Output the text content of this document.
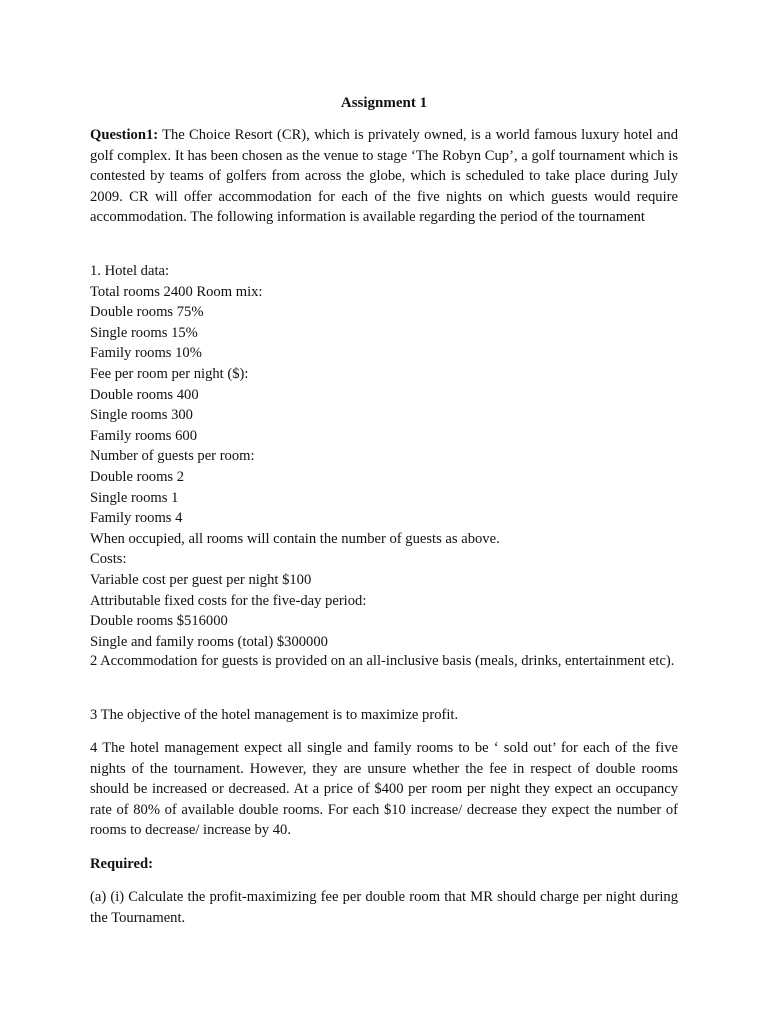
Assignment 1

Question1: The Choice Resort (CR), which is privately owned, is a world famous luxury hotel and golf complex. It has been chosen as the venue to stage ‘The Robyn Cup’, a golf tournament which is contested by teams of golfers from across the globe, which is scheduled to take place during July 2009. CR will offer accommodation for each of the five nights on which guests would require accommodation. The following information is available regarding the period of the tournament

1. Hotel data:
Total rooms 2400 Room mix:
Double rooms 75%
Single rooms 15%
Family rooms 10%
Fee per room per night ($):
Double rooms 400
Single rooms 300
Family rooms 600
Number of guests per room:
Double rooms 2
Single rooms 1
Family rooms 4
When occupied, all rooms will contain the number of guests as above.
Costs:
Variable cost per guest per night $100
Attributable fixed costs for the five-day period:
Double rooms $516000
Single and family rooms (total) $300000

2 Accommodation for guests is provided on an all-inclusive basis (meals, drinks, entertainment etc).

3 The objective of the hotel management is to maximize profit.

4 The hotel management expect all single and family rooms to be ‘ sold out’ for each of the five nights of the tournament. However, they are unsure whether the fee in respect of double rooms should be increased or decreased. At a price of $400 per room per night they expect an occupancy rate of 80% of available double rooms. For each $10 increase/ decrease they expect the number of rooms to decrease/ increase by 40.

Required:

(a) (i) Calculate the profit-maximizing fee per double room that MR should charge per night during the Tournament.
